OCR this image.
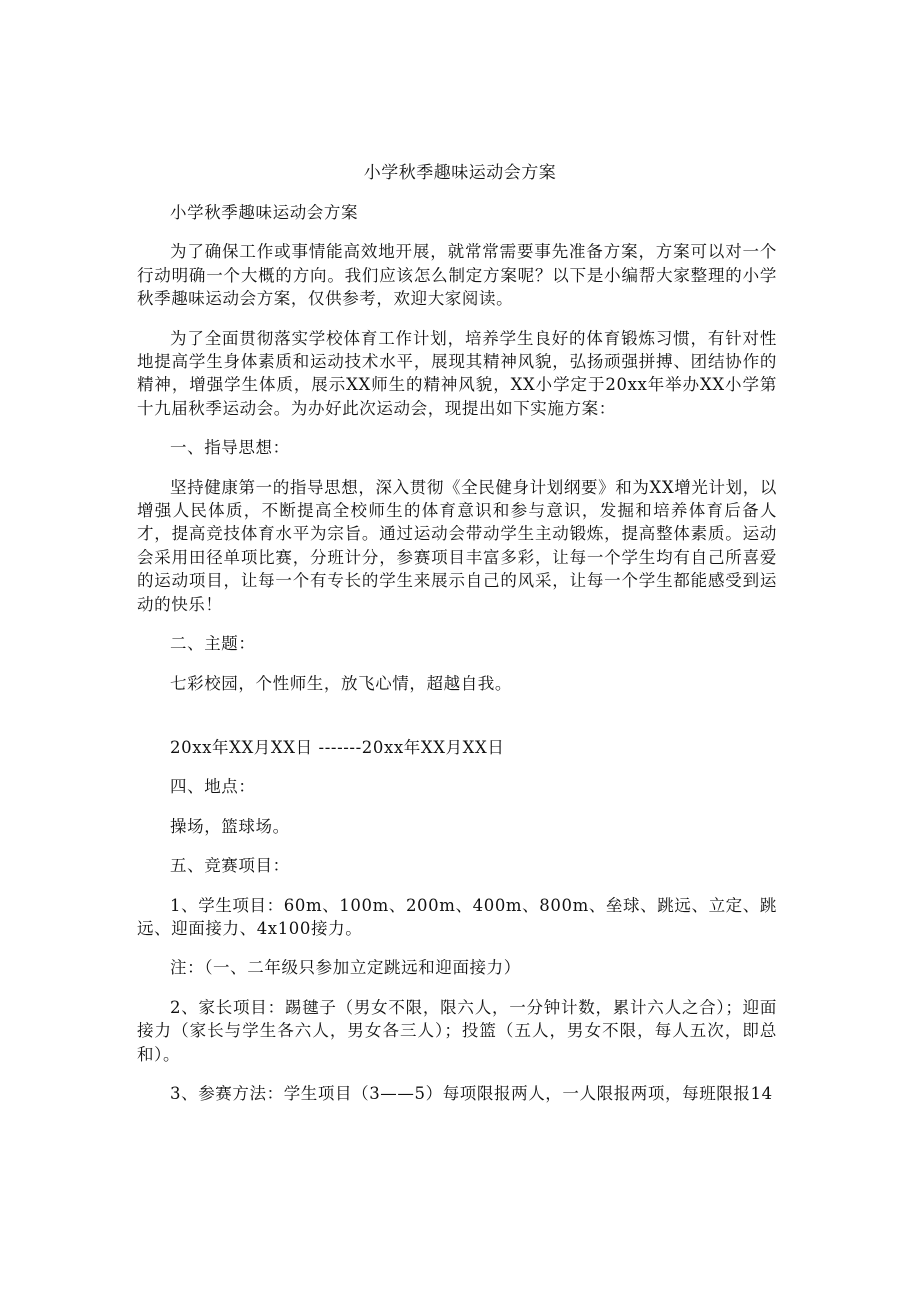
小学秋季趣味运动会方案

小学秋季趣味运动会方案

为了确保工作或事情能高效地开展，就常常需要事先准备方案，方案可以对一个行动明确一个大概的方向。我们应该怎么制定方案呢？以下是小编帮大家整理的小学秋季趣味运动会方案，仅供参考，欢迎大家阅读。

为了全面贯彻落实学校体育工作计划，培养学生良好的体育锻炼习惯，有针对性地提高学生身体素质和运动技术水平，展现其精神风貌，弘扬顽强拼搏、团结协作的精神，增强学生体质，展示XX师生的精神风貌，XX小学定于20xx年举办XX小学第十九届秋季运动会。为办好此次运动会，现提出如下实施方案：

一、指导思想：

坚持健康第一的指导思想，深入贯彻《全民健身计划纲要》和为XX增光计划，以增强人民体质，不断提高全校师生的体育意识和参与意识，发掘和培养体育后备人才，提高竞技体育水平为宗旨。通过运动会带动学生主动锻炼，提高整体素质。运动会采用田径单项比赛，分班计分，参赛项目丰富多彩，让每一个学生均有自己所喜爱的运动项目，让每一个有专长的学生来展示自己的风采，让每一个学生都能感受到运动的快乐！

二、主题：

七彩校园，个性师生，放飞心情，超越自我。

20xx年XX月XX日 -------20xx年XX月XX日

四、地点：

操场，篮球场。

五、竞赛项目：

1、学生项目：60m、100m、200m、400m、800m、垒球、跳远、立定、跳远、迎面接力、4x100接力。

注：（一、二年级只参加立定跳远和迎面接力）

2、家长项目：踢毽子（男女不限，限六人，一分钟计数，累计六人之合）；迎面接力（家长与学生各六人，男女各三人）；投篮（五人，男女不限，每人五次，即总和）。

3、参赛方法：学生项目（3——5）每项限报两人，一人限报两项，每班限报14
